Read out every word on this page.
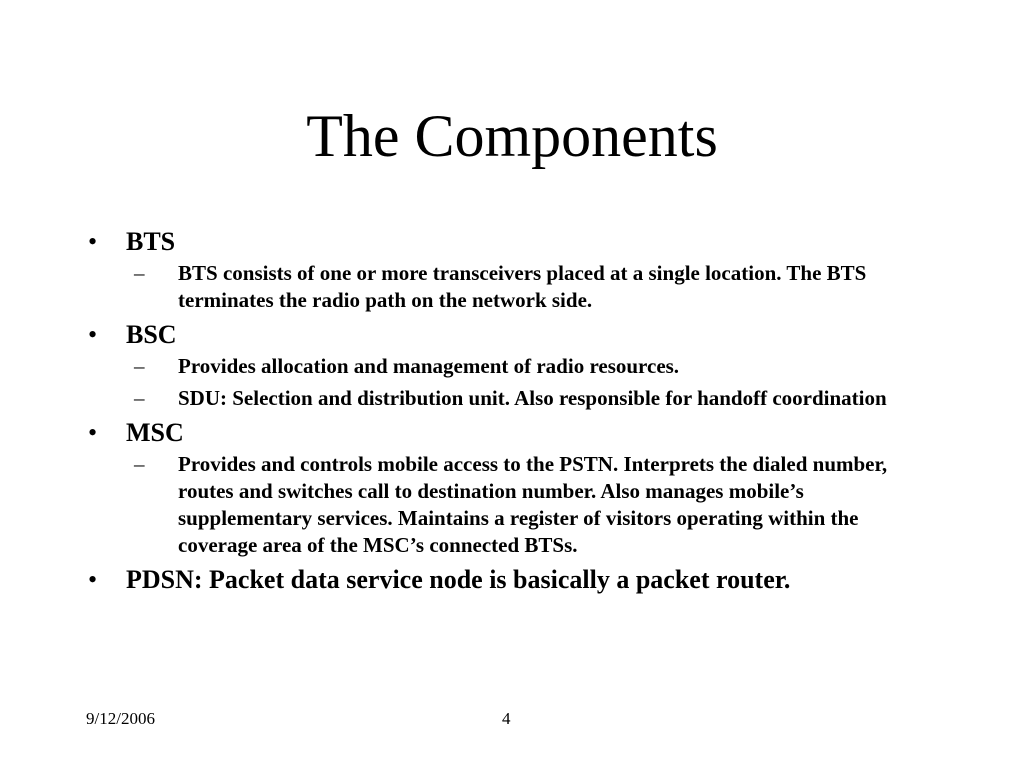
The Components
• BTS
– BTS consists of one or more transceivers placed at a single location. The BTS terminates the radio path on the network side.
• BSC
– Provides allocation and management of radio resources.
– SDU: Selection and distribution unit. Also responsible for handoff coordination
• MSC
– Provides and controls mobile access to the PSTN. Interprets the dialed number, routes and switches call to destination number. Also manages mobile’s supplementary services. Maintains a register of visitors operating within the coverage area of the MSC’s connected BTSs.
• PDSN: Packet data service node is basically a packet router.
9/12/2006	4
